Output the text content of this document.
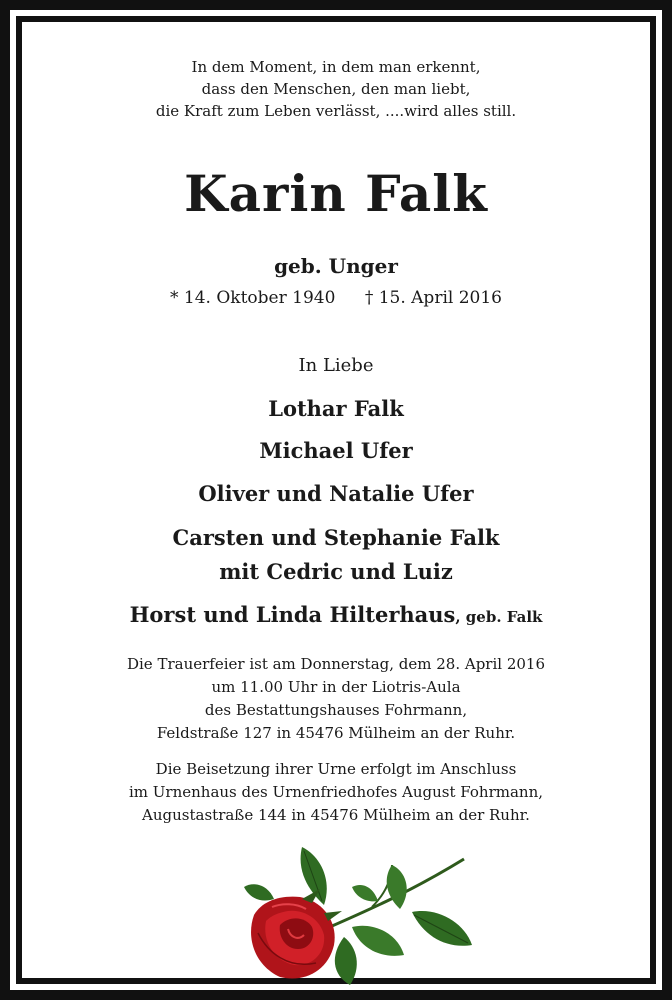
In dem Moment, in dem man erkennt,
dass den Menschen, den man liebt,
die Kraft zum Leben verlässt, ....wird alles still.
Karin Falk
geb. Unger
* 14. Oktober 1940 † 15. April 2016
In Liebe
Lothar Falk
Michael Ufer
Oliver und Natalie Ufer
Carsten und Stephanie Falk
mit Cedric und Luiz
Horst und Linda Hilterhaus, geb. Falk
Die Trauerfeier ist am Donnerstag, dem 28. April 2016
um 11.00 Uhr in der Liotris-Aula
des Bestattungshauses Fohrmann,
Feldstraße 127 in 45476 Mülheim an der Ruhr.
Die Beisetzung ihrer Urne erfolgt im Anschluss
im Urnenhaus des Urnenfriedhofes August Fohrmann,
Augustastraße 144 in 45476 Mülheim an der Ruhr.
